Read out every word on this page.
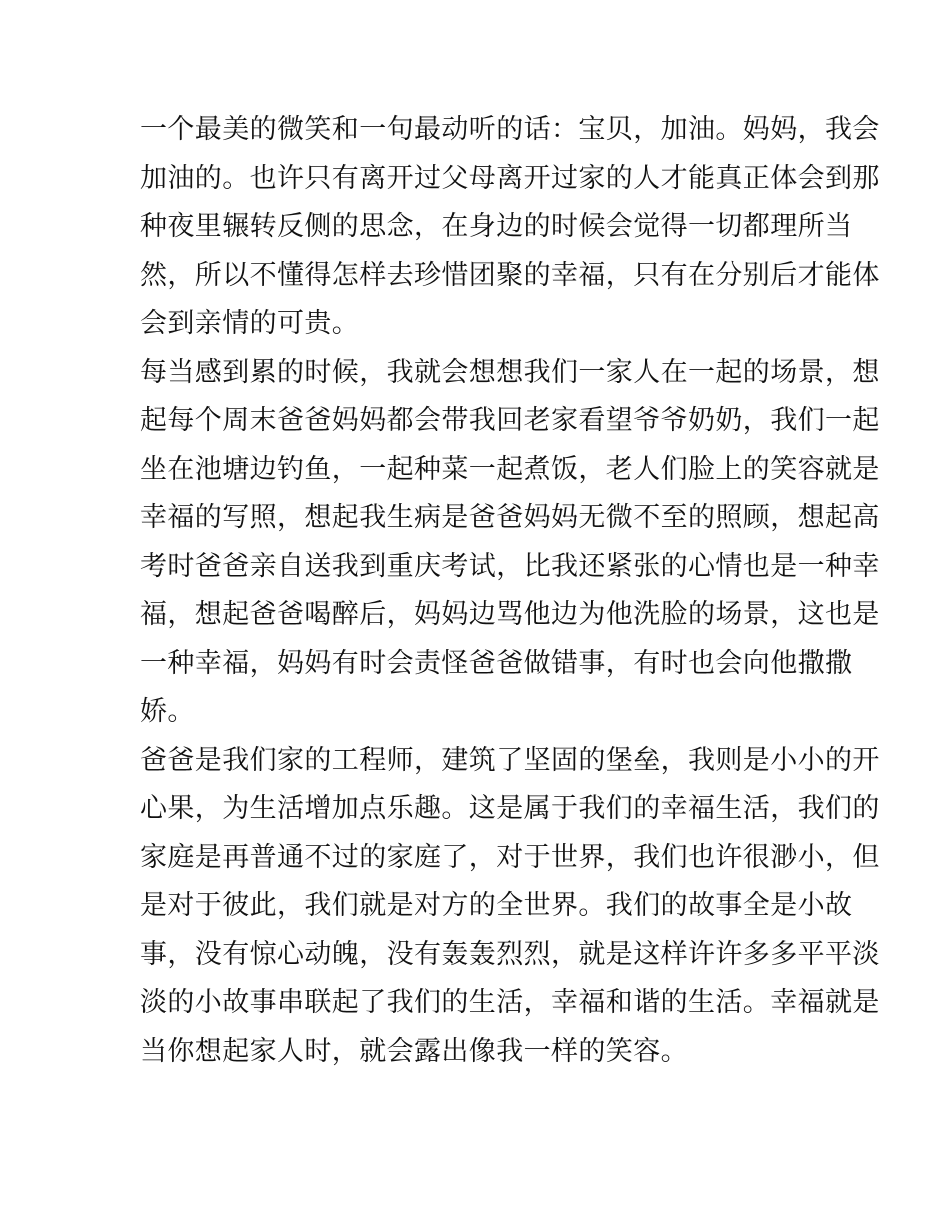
一个最美的微笑和一句最动听的话：宝贝，加油。妈妈，我会
加油的。也许只有离开过父母离开过家的人才能真正体会到那
种夜里辗转反侧的思念，在身边的时候会觉得一切都理所当
然，所以不懂得怎样去珍惜团聚的幸福，只有在分别后才能体
会到亲情的可贵。
每当感到累的时候，我就会想想我们一家人在一起的场景，想
起每个周末爸爸妈妈都会带我回老家看望爷爷奶奶，我们一起
坐在池塘边钓鱼，一起种菜一起煮饭，老人们脸上的笑容就是
幸福的写照，想起我生病是爸爸妈妈无微不至的照顾，想起高
考时爸爸亲自送我到重庆考试，比我还紧张的心情也是一种幸
福，想起爸爸喝醉后，妈妈边骂他边为他洗脸的场景，这也是
一种幸福，妈妈有时会责怪爸爸做错事，有时也会向他撒撒
娇。
爸爸是我们家的工程师，建筑了坚固的堡垒，我则是小小的开
心果，为生活增加点乐趣。这是属于我们的幸福生活，我们的
家庭是再普通不过的家庭了，对于世界，我们也许很渺小，但
是对于彼此，我们就是对方的全世界。我们的故事全是小故
事，没有惊心动魄，没有轰轰烈烈，就是这样许许多多平平淡
淡的小故事串联起了我们的生活，幸福和谐的生活。幸福就是
当你想起家人时，就会露出像我一样的笑容。
